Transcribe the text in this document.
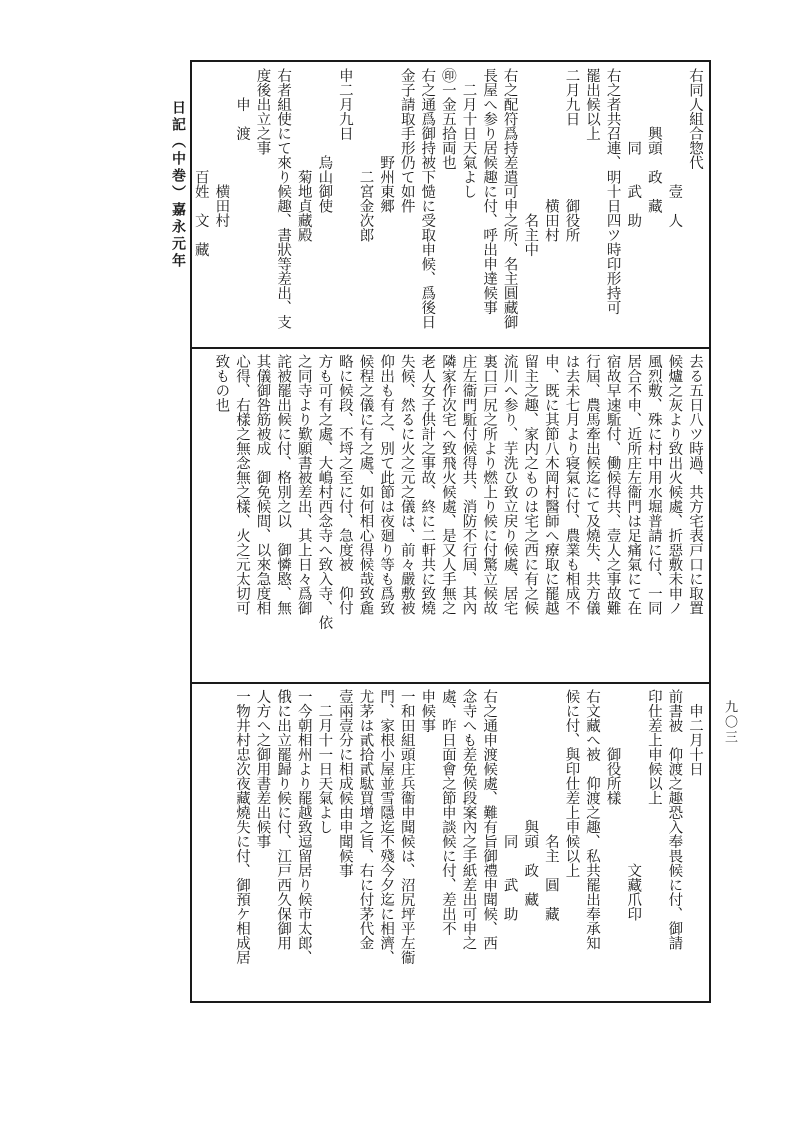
日記（中巻）嘉永元年
九〇三
右同人組合惣代
　　　　　　　　壹　人
　　　　興頭　政　藏
　　　　　同　　武　助
右之者共召連、明十日四ツ時印形持可
罷出候以上
二月九日　　　　　御役所
　　　　　　　　　横田村
　　　　　　　　　　名主中
右之配符爲持差遣可申之所、名主圓藏御
長屋へ参り居候趣に付、呼出申達候事
　二月十日天氣よし
㊞一金五拾両也
右之通爲御持被下慥に受取申候、爲後日
金子請取手形仍て如件
　　　　　　野州東郷
　　　　　　　二宮金次郎
申二月九日
　　　　　　烏山御使
　　　　　　　菊地貞藏殿
右者組使にて來り候趣、書狀等差出、支
度後出立之事
　　申　渡
　　　　　　　　横田村
　　　　　　　百姓　文　藏
去る五日八ツ時過、共方宅表戸口に取置
候爐之灰より致出火候處、折惡敷未申ノ
風烈敷、殊に村中用水堀普請に付、一同
居合不申、近所庄左衞門は足痛氣にて在
宿故早速駈付、働候得共、壹人之事故難
行屆、農馬牽出候迄にて及燒失、共方儀
は去未七月より寝氣に付、農業も相成不
申、既に其節八木岡村醫師へ療取に罷越
留主之趣、家内之ものは宅之西に有之候
流川へ参り、芋洗ひ致立戻り候處、居宅
裏口戸尻之所より燃上り候に付驚立候故
庄左衞門駈付候得共、消防不行屆、其內
隣家作次宅へ致飛火候處、是又人手無之
老人女子供計之事故、終に二軒共に致燒
失候、然るに火之元之儀は、前々嚴敷被
仰出も有之、別て此節は夜廻り等も爲致
候程之儀に有之處、如何相心得候哉致麁
略に候段、不埒之至に付、急度被　仰付
方も可有之處、大嶋村西念寺へ致入寺、依
之同寺より歎願書被差出、其上日々爲御
詫被罷出候に付、格別之以　御憐愍、無
其儀御咎筋被成　御免候間、以來急度相
心得、右樣之無念無之樣、火之元太切可
致もの也
　申二月十日
前書被　仰渡之趣恐入奉畏候に付、御請
印仕差上申候以上
　　　　　　　　　　　　文藏爪印
　　　　御役所樣
右文藏へ被　仰渡之趣、私共罷出奉承知
候に付、與印仕差上申候以上
　　　　　　　　　　名主　圓　藏
　　　　　　　　　與頭　政　藏
　　　　　　　　　　同　　武　助
右之通申渡候處、難有旨御禮申聞候、西
念寺へも差免候段案內之手紙差出可申之
處、昨日面會之節申談候に付、差出不
申候事
一和田組頭庄兵衞申聞候は、沼尻坪平左衞
門、家根小屋並雪隱迄不殘今夕迄に相濟、
尤茅は貳拾貳駄買增之旨、右に付茅代金
壹兩壹分に相成候由申聞候事
　二月十一日天氣よし
一今朝相州より罷越致逗留居り候市太郎、
俄に出立罷歸り候に付、江戸西久保御用
人方へ之御用書差出候事
一物井村忠次夜藏燒失に付、御預ケ相成居
